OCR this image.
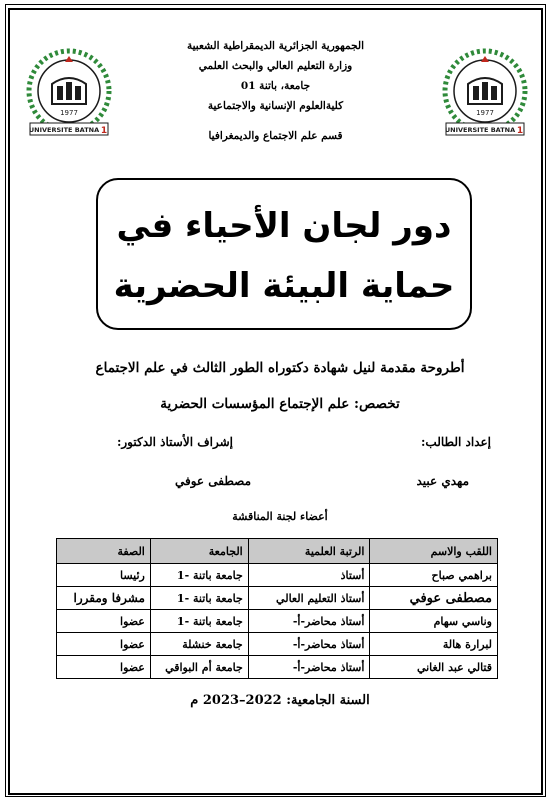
1977
UNIVERSITE BATNA 1
1977
UNIVERSITE BATNA 1
الجمهورية الجزائرية الديمقراطية الشعبية
وزارة التعليم العالي والبحث العلمي
جامعة، باتنة 01
كليةالعلوم الإنسانية والاجتماعية
قسم علم الاجتماع والديمغرافيا
دور لجان الأحياء في
حماية البيئة الحضرية
أطروحة مقدمة لنيل شهادة دكتوراه الطور الثالث في علم الاجتماع
تخصص: علم الإجتماع المؤسسات الحضرية
إعداد الطالب:
إشراف الأستاذ الدكتور:
مهدي عبيد
مصطفى عوفي
أعضاء لجنة المناقشة
اللقب والاسم	الرتبة العلمية	الجامعة	الصفة
براهمي صباح	أستاذ	جامعة باتنة -1	رئيسا
مصطفى عوفي	أستاذ التعليم العالي	جامعة باتنة -1	مشرفا ومقررا
وناسي سهام	أستاذ محاضر-أ-	جامعة باتنة -1	عضوا
لبرارة هالة	أستاذ محاضر-أ-	جامعة خنشلة	عضوا
قتالي عبد الغاني	أستاذ محاضر-أ-	جامعة أم البواقي	عضوا
السنة الجامعية: 2022–2023 م
